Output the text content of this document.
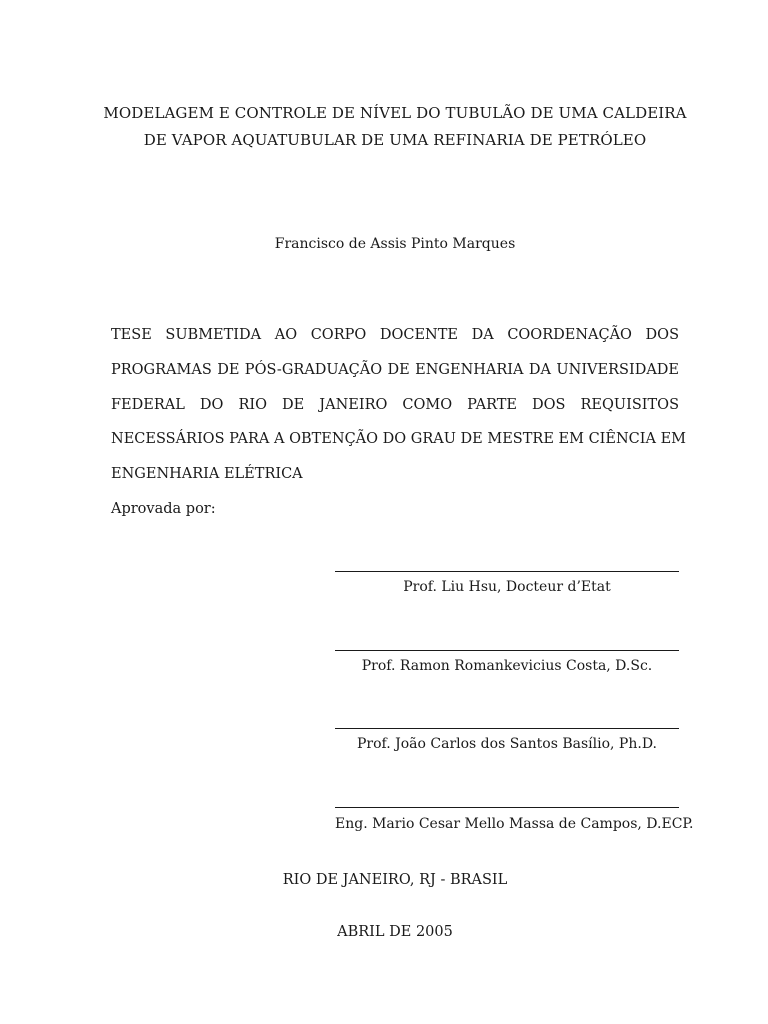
MODELAGEM E CONTROLE DE NÍVEL DO TUBULÃO DE UMA CALDEIRA
DE VAPOR AQUATUBULAR DE UMA REFINARIA DE PETRÓLEO
Francisco de Assis Pinto Marques
TESE SUBMETIDA AO CORPO DOCENTE DA COORDENAÇÃO DOS
PROGRAMAS DE PÓS-GRADUAÇÃO DE ENGENHARIA DA UNIVERSIDADE
FEDERAL DO RIO DE JANEIRO COMO PARTE DOS REQUISITOS
NECESSÁRIOS PARA A OBTENÇÃO DO GRAU DE MESTRE EM CIÊNCIA EM
ENGENHARIA ELÉTRICA
Aprovada por:
Prof. Liu Hsu, Docteur d’Etat
Prof. Ramon Romankevicius Costa, D.Sc.
Prof. João Carlos dos Santos Basílio, Ph.D.
Eng. Mario Cesar Mello Massa de Campos, D.ECP.
RIO DE JANEIRO, RJ - BRASIL
ABRIL DE 2005
